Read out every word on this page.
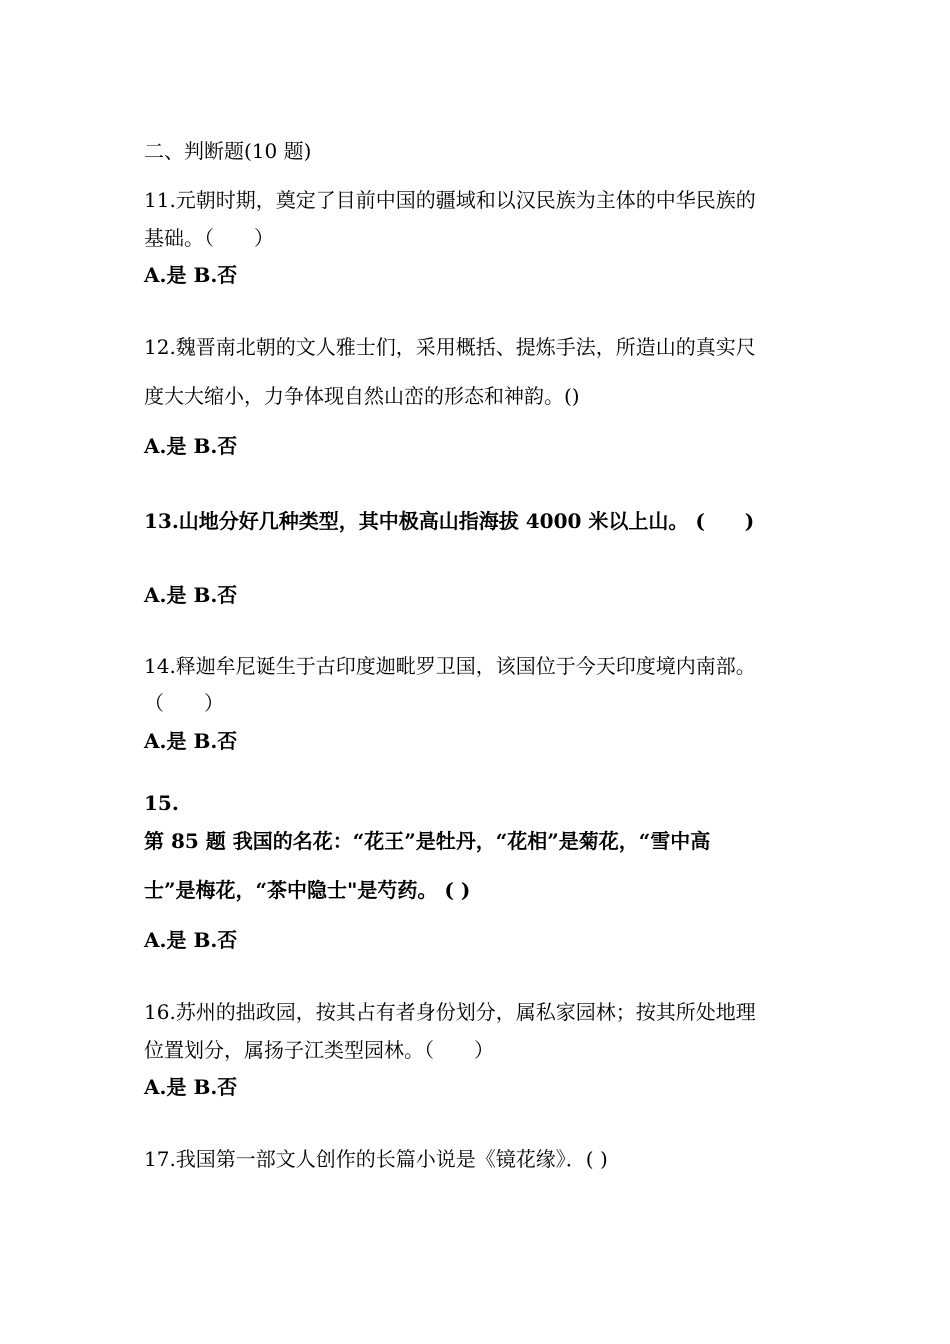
二、判断题(10 题)
11.元朝时期，奠定了目前中国的疆域和以汉民族为主体的中华民族的
基础。（　　）
A.是 B.否
12.魏晋南北朝的文人雅士们，采用概括、提炼手法，所造山的真实尺
度大大缩小，力争体现自然山峦的形态和神韵。()
A.是 B.否
13.山地分好几种类型，其中极高山指海拔 4000 米以上山。 (　　)
A.是 B.否
14.释迦牟尼诞生于古印度迦毗罗卫国，该国位于今天印度境内南部。
（　　）
A.是 B.否
15.
第 85 题 我国的名花：“花王”是牡丹，“花相”是菊花，“雪中高
士”是梅花，“茶中隐士"是芍药。 ( )
A.是 B.否
16.苏州的拙政园，按其占有者身份划分，属私家园林；按其所处地理
位置划分，属扬子江类型园林。（　　）
A.是 B.否
17.我国第一部文人创作的长篇小说是《镜花缘》．( )
